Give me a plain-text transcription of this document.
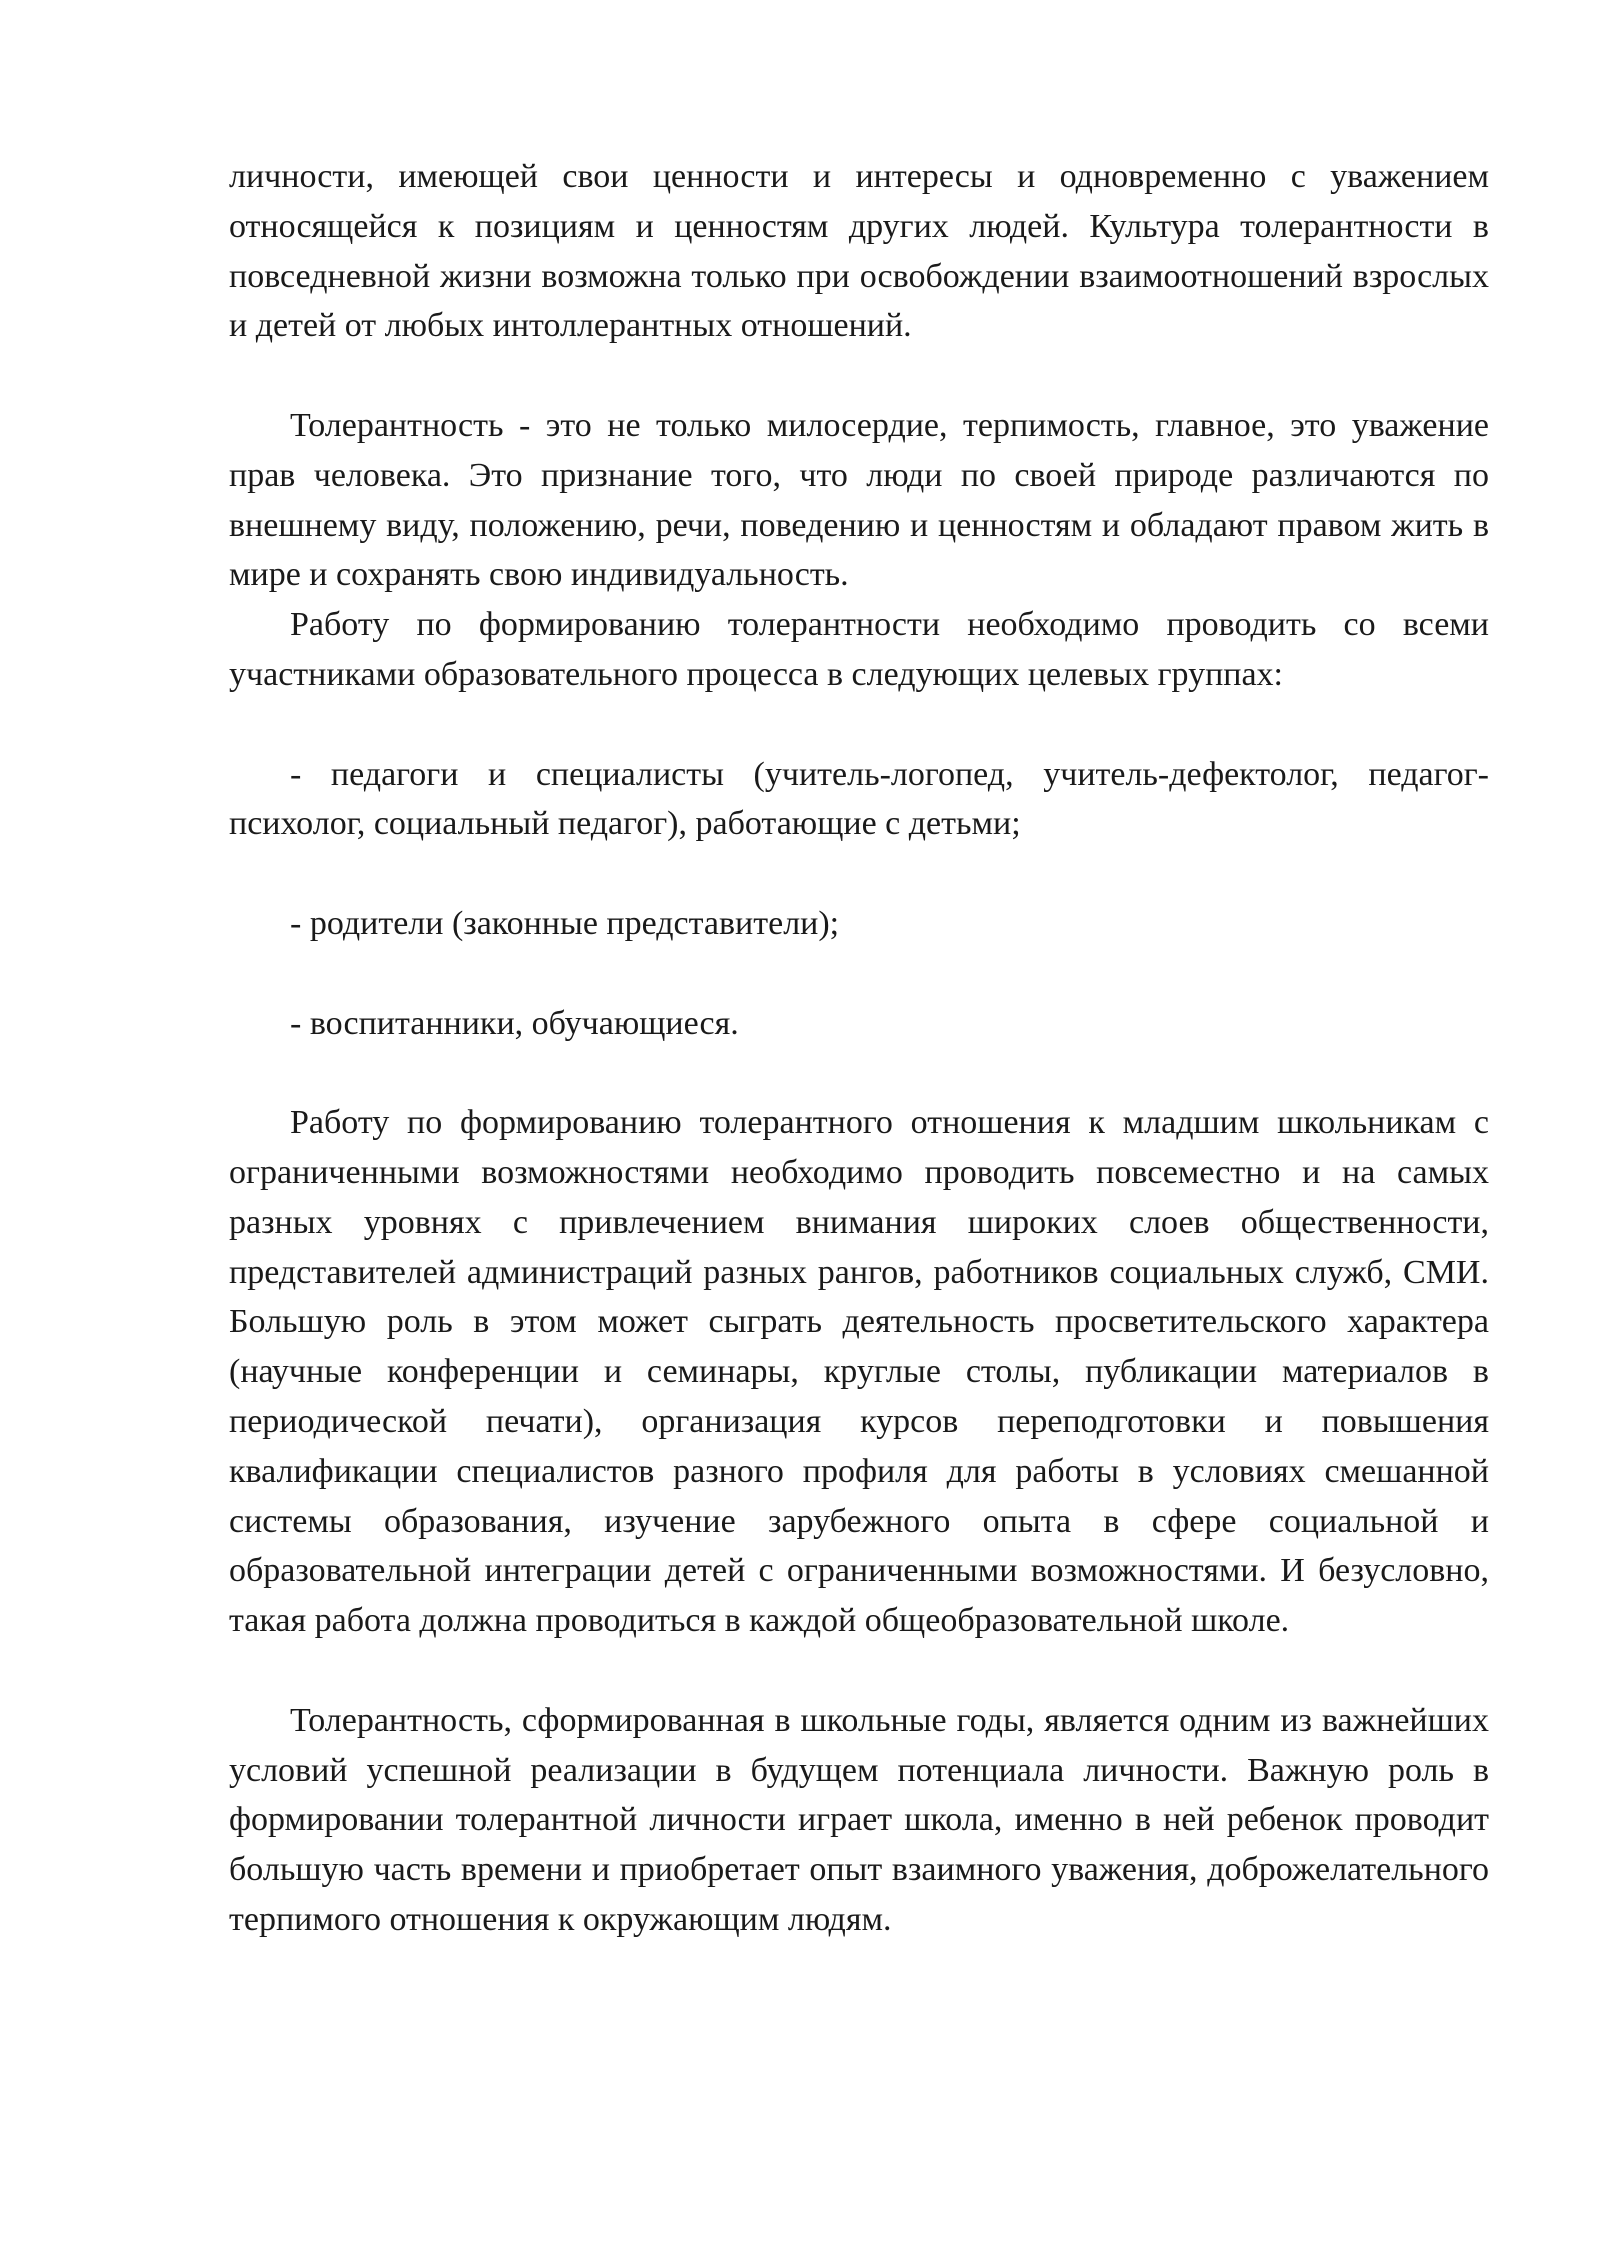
личности, имеющей свои ценности и интересы и одновременно с уважением относящейся к позициям и ценностям других людей. Культура толерантности в повседневной жизни возможна только при освобождении взаимоотношений взрослых и детей от любых интоллерантных отношений.

Толерантность - это не только милосердие, терпимость, главное, это уважение прав человека. Это признание того, что люди по своей природе различаются по внешнему виду, положению, речи, поведению и ценностям и обладают правом жить в мире и сохранять свою индивидуальность.

Работу по формированию толерантности необходимо проводить со всеми участниками образовательного процесса в следующих целевых группах:

- педагоги и специалисты (учитель-логопед, учитель-дефектолог, педагог-психолог, социальный педагог), работающие с детьми;

- родители (законные представители);

- воспитанники, обучающиеся.

Работу по формированию толерантного отношения к младшим школьникам с ограниченными возможностями необходимо проводить повсеместно и на самых разных уровнях с привлечением внимания широких слоев общественности, представителей администраций разных рангов, работников социальных служб, СМИ. Большую роль в этом может сыграть деятельность просветительского характера (научные конференции и семинары, круглые столы, публикации материалов в периодической печати), организация курсов переподготовки и повышения квалификации специалистов разного профиля для работы в условиях смешанной системы образования, изучение зарубежного опыта в сфере социальной и образовательной интеграции детей с ограниченными возможностями. И безусловно, такая работа должна проводиться в каждой общеобразовательной школе.

Толерантность, сформированная в школьные годы, является одним из важнейших условий успешной реализации в будущем потенциала личности. Важную роль в формировании толерантной личности играет школа, именно в ней ребенок проводит большую часть времени и приобретает опыт взаимного уважения, доброжелательного терпимого отношения к окружающим людям.
